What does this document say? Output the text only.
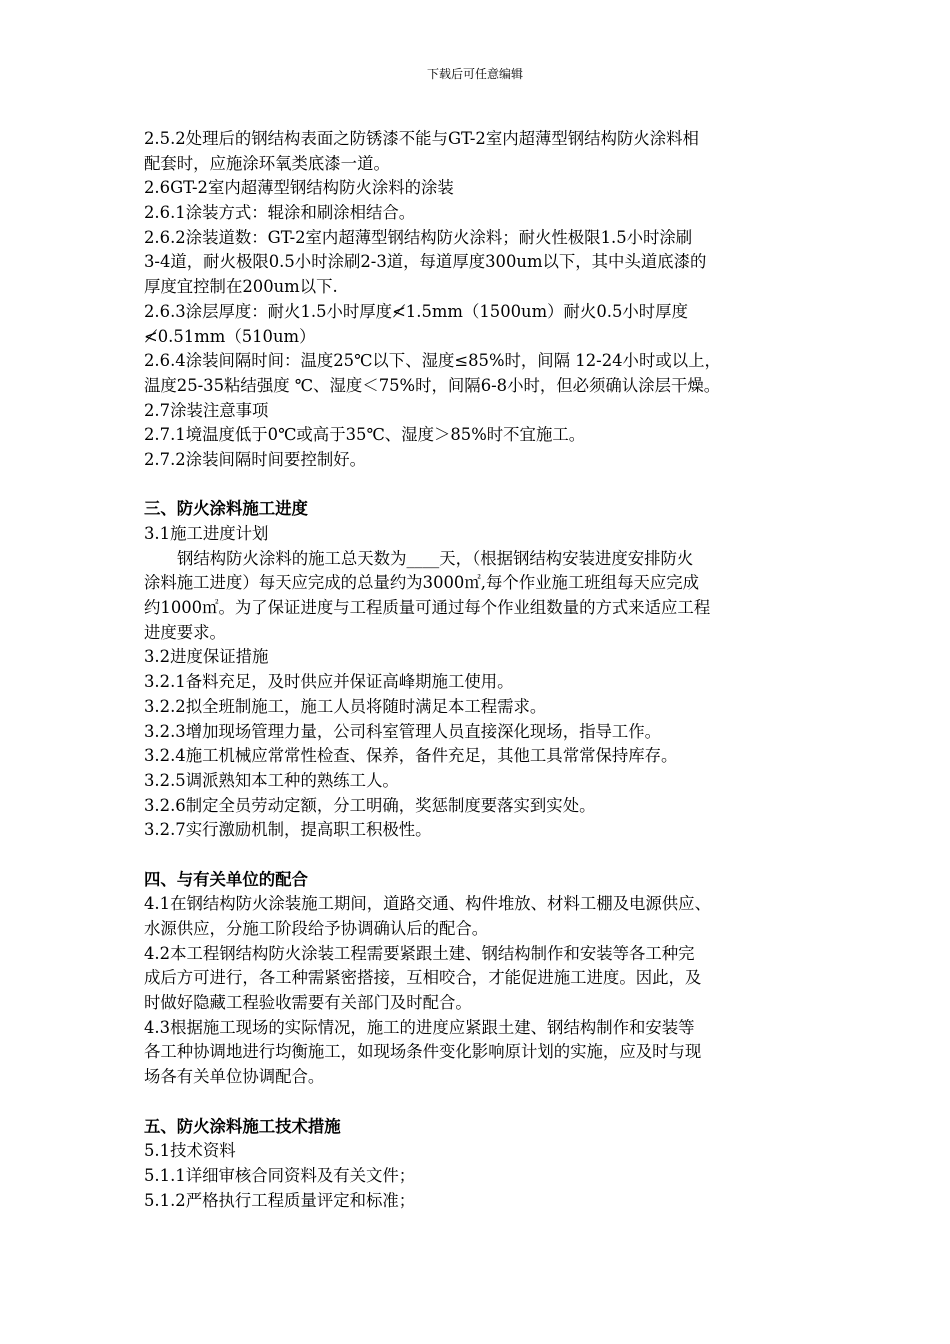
下载后可任意编辑
2.5.2处理后的钢结构表面之防锈漆不能与GT-2室内超薄型钢结构防火涂料相
配套时，应施涂环氧类底漆一道。
2.6GT-2室内超薄型钢结构防火涂料的涂装
2.6.1涂装方式：辊涂和刷涂相结合。
2.6.2涂装道数：GT-2室内超薄型钢结构防火涂料；耐火性极限1.5小时涂刷
3-4道，耐火极限0.5小时涂刷2-3道，每道厚度300um以下，其中头道底漆的
厚度宜控制在200um以下.
2.6.3涂层厚度：耐火1.5小时厚度≮1.5mm（1500um）耐火0.5小时厚度
≮0.51mm（510um）
2.6.4涂装间隔时间：温度25℃以下、湿度≤85%时，间隔 12-24小时或以上，
温度25-35粘结强度 ℃、湿度＜75%时，间隔6-8小时，但必须确认涂层干燥。
2.7涂装注意事项
2.7.1境温度低于0℃或高于35℃、湿度＞85%时不宜施工。
2.7.2涂装间隔时间要控制好。
三、防火涂料施工进度
3.1施工进度计划
钢结构防火涂料的施工总天数为____天，（根据钢结构安装进度安排防火
涂料施工进度）每天应完成的总量约为3000㎡,每个作业施工班组每天应完成
约1000㎡。为了保证进度与工程质量可通过每个作业组数量的方式来适应工程
进度要求。
3.2进度保证措施
3.2.1备料充足，及时供应并保证高峰期施工使用。
3.2.2拟全班制施工，施工人员将随时满足本工程需求。
3.2.3增加现场管理力量，公司科室管理人员直接深化现场，指导工作。
3.2.4施工机械应常常性检查、保养，备件充足，其他工具常常保持库存。
3.2.5调派熟知本工种的熟练工人。
3.2.6制定全员劳动定额，分工明确，奖惩制度要落实到实处。
3.2.7实行激励机制，提高职工积极性。
四、与有关单位的配合
4.1在钢结构防火涂装施工期间，道路交通、构件堆放、材料工棚及电源供应、
水源供应，分施工阶段给予协调确认后的配合。
4.2本工程钢结构防火涂装工程需要紧跟土建、钢结构制作和安装等各工种完
成后方可进行，各工种需紧密搭接，互相咬合，才能促进施工进度。因此，及
时做好隐藏工程验收需要有关部门及时配合。
4.3根据施工现场的实际情况，施工的进度应紧跟土建、钢结构制作和安装等
各工种协调地进行均衡施工，如现场条件变化影响原计划的实施，应及时与现
场各有关单位协调配合。
五、防火涂料施工技术措施
5.1技术资料
5.1.1详细审核合同资料及有关文件；
5.1.2严格执行工程质量评定和标准；
